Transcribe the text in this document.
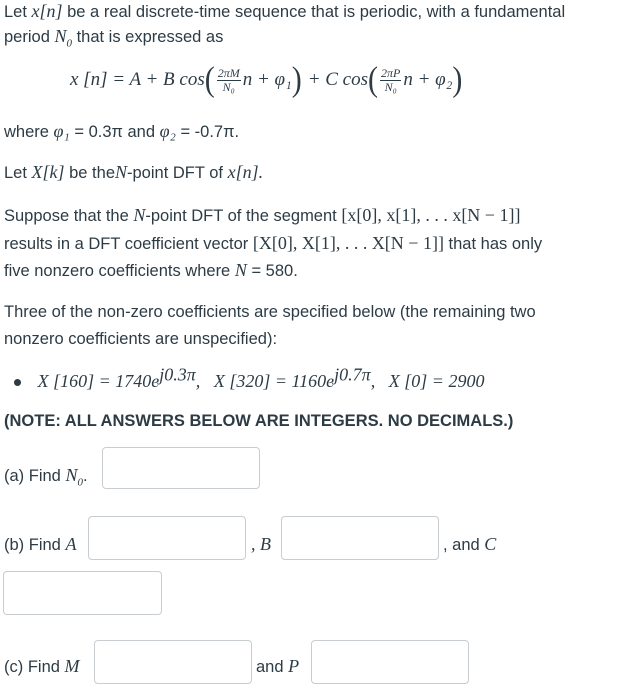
Let x[n] be a real discrete-time sequence that is periodic, with a fundamental
period $N_0$ that is expressed as
x [n] = A + B cos ( $\frac{2\pi M}{\text{N₀}}$ n + φ₁ ) + C cos ( $\frac{2\pi P}{\text{N₀}}$ n + φ₂ )
where φ₁ = 0.3π and φ₂ = -0.7π.
Let X[k] be theN-point DFT of x[n].
Suppose that the N-point DFT of the segment [x[0], x[1], . . . x[N − 1]]
results in a DFT coefficient vector [X[0], X[1], . . . X[N − 1]] that has only
five nonzero coefficients where N = 580.
Three of the non-zero coefficients are specified below (the remaining two
nonzero coefficients are unspecified):
X $[160] = 1740e^{j0.3\pi}$,   X $[320] = 1160e^{j0.7\pi}$,   X [0] = 2900
(NOTE: ALL ANSWERS BELOW ARE INTEGERS. NO DECIMALS.)
(a) Find $N_0$.
(b) Find A	, B	, and C
(c) Find M	and P
